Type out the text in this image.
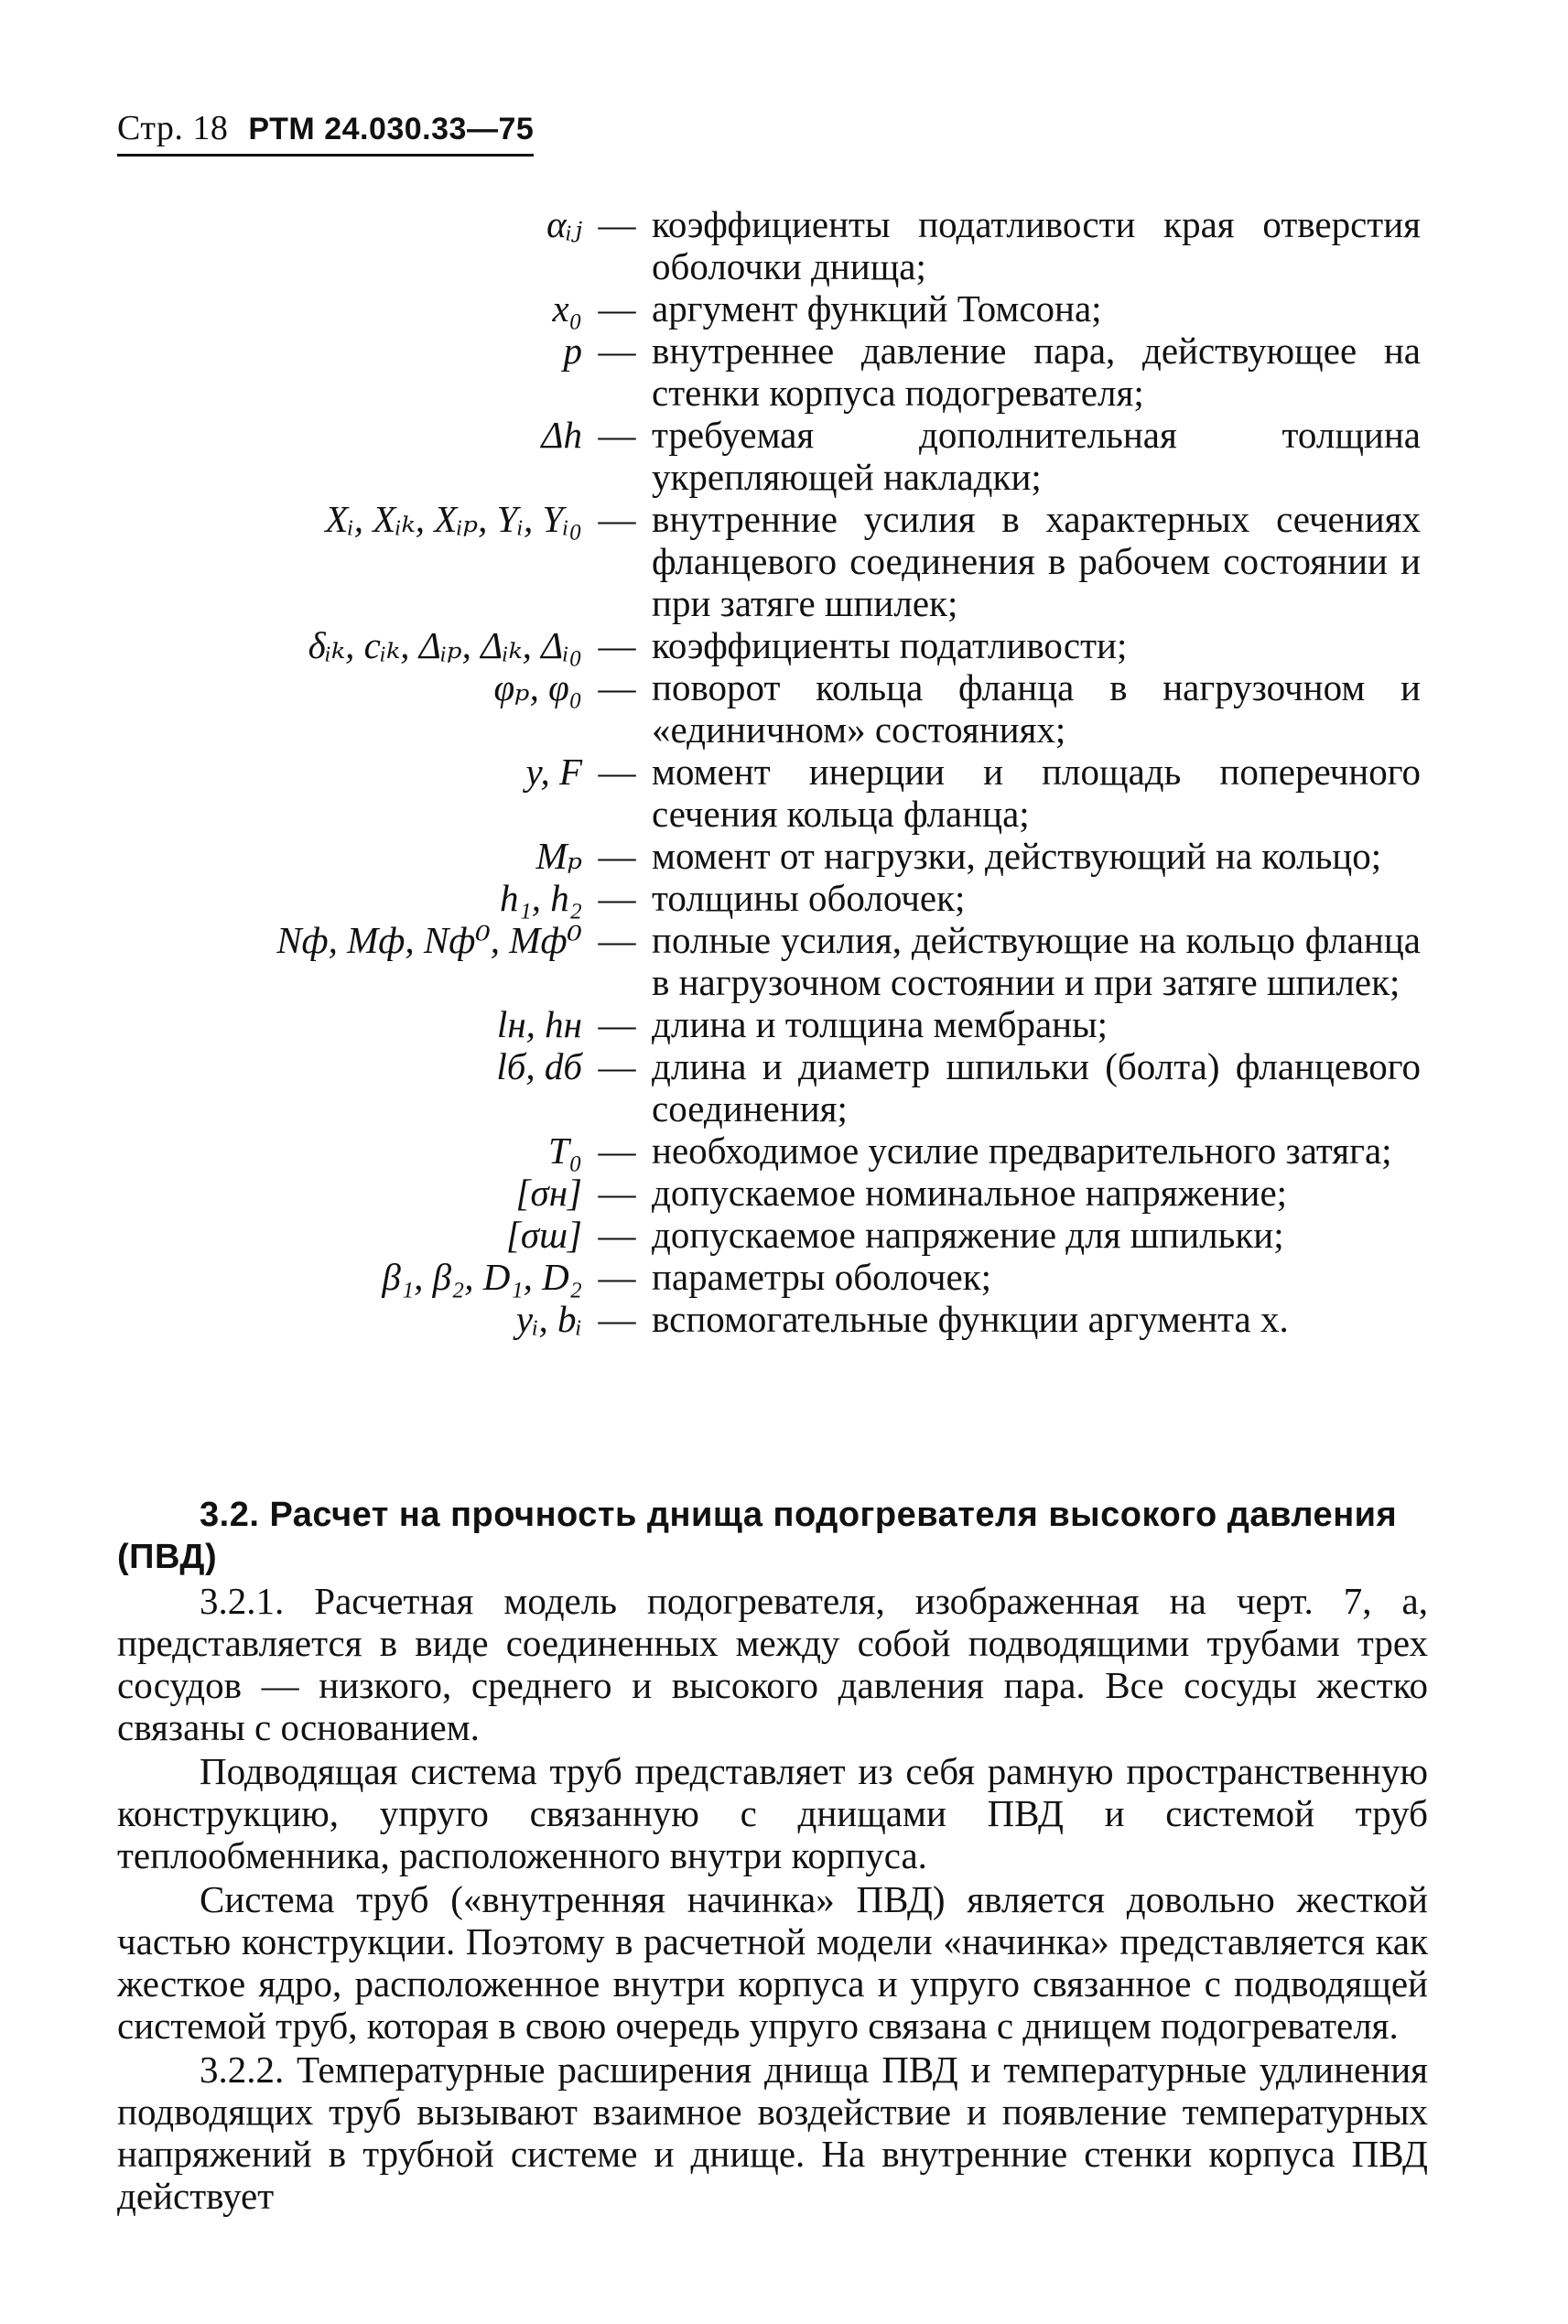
Стр. 18 РТМ 24.030.33—75
αᵢⱼ — коэффициенты податливости края отверстия оболочки днища;
x₀ — аргумент функций Томсона;
p — внутреннее давление пара, действующее на стенки корпуса подогревателя;
Δh — требуемая дополнительная толщина укрепляющей накладки;
Xᵢ, Xᵢₖ, Xᵢₚ, Yᵢ, Yᵢ₀ — внутренние усилия в характерных сечениях фланцевого соединения в рабочем состоянии и при затяге шпилек;
δᵢₖ, cᵢₖ, Δᵢₚ, Δᵢₖ, Δᵢ₀ — коэффициенты податливости;
φₚ, φ₀ — поворот кольца фланца в нагрузочном и «единичном» состояниях;
y, F — момент инерции и площадь поперечного сечения кольца фланца;
Mₚ — момент от нагрузки, действующий на кольцо;
h₁, h₂ — толщины оболочек;
Nф, Mф, Nф⁰, Mф⁰ — полные усилия, действующие на кольцо фланца в нагрузочном состоянии и при затяге шпилек;
lн, hн — длина и толщина мембраны;
lб, dб — длина и диаметр шпильки (болта) фланцевого соединения;
T₀ — необходимое усилие предварительного затяга;
[σн] — допускаемое номинальное напряжение;
[σш] — допускаемое напряжение для шпильки;
β₁, β₂, D₁, D₂ — параметры оболочек;
yᵢ, bᵢ — вспомогательные функции аргумента x.

3.2. Расчет на прочность днища подогревателя высокого давления (ПВД)

3.2.1. Расчетная модель подогревателя, изображенная на черт. 7, а, представляется в виде соединенных между собой подводящими трубами трех сосудов — низкого, среднего и высокого давления пара. Все сосуды жестко связаны с основанием.

Подводящая система труб представляет из себя рамную пространственную конструкцию, упруго связанную с днищами ПВД и системой труб теплообменника, расположенного внутри корпуса.

Система труб («внутренняя начинка» ПВД) является довольно жесткой частью конструкции. Поэтому в расчетной модели «начинка» представляется как жесткое ядро, расположенное внутри корпуса и упруго связанное с подводящей системой труб, которая в свою очередь упруго связана с днищем подогревателя.

3.2.2. Температурные расширения днища ПВД и температурные удлинения подводящих труб вызывают взаимное воздействие и появление температурных напряжений в трубной системе и днище. На внутренние стенки корпуса ПВД действует
